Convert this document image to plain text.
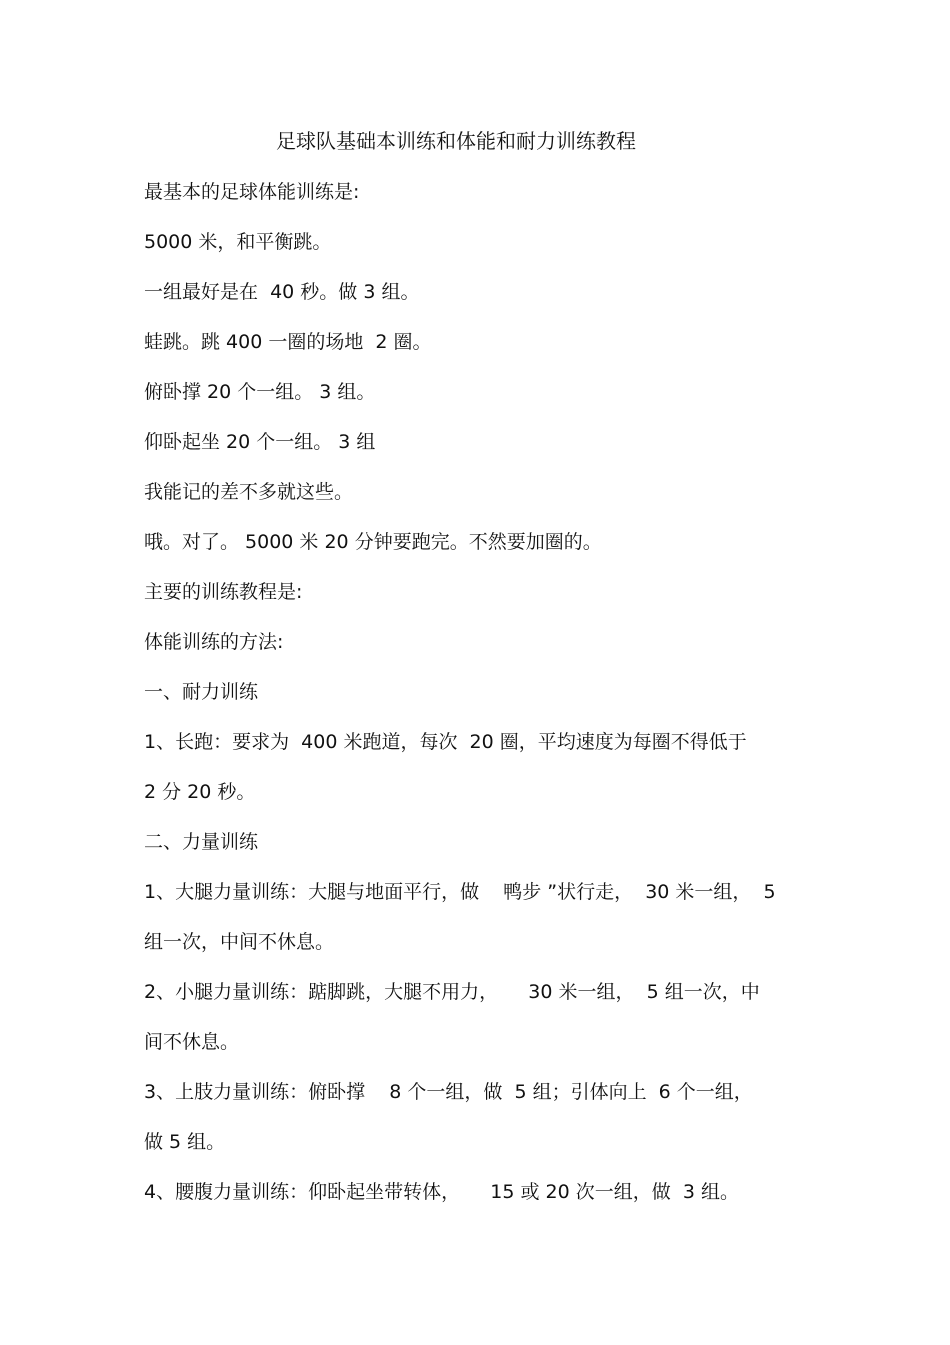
足球队基础本训练和体能和耐力训练教程
最基本的足球体能训练是:
5000 米，和平衡跳。
一组最好是在  40 秒。做 3 组。
蛙跳。跳 400 一圈的场地  2 圈。
俯卧撑 20 个一组。 3 组。
仰卧起坐 20 个一组。 3 组
我能记的差不多就这些。
哦。对了。 5000 米 20 分钟要跑完。不然要加圈的。
主要的训练教程是:
体能训练的方法:
一、耐力训练
1、长跑：要求为  400 米跑道，每次  20 圈，平均速度为每圈不得低于
2 分 20 秒。
二、力量训练
1、大腿力量训练：大腿与地面平行，做    鸭步 ”状行走，  30 米一组，  5
组一次，中间不休息。
2、小腿力量训练：踮脚跳，大腿不用力，     30 米一组，  5 组一次，中
间不休息。
3、上肢力量训练：俯卧撑    8 个一组，做  5 组；引体向上  6 个一组，
做 5 组。
4、腰腹力量训练：仰卧起坐带转体，     15 或 20 次一组，做  3 组。
